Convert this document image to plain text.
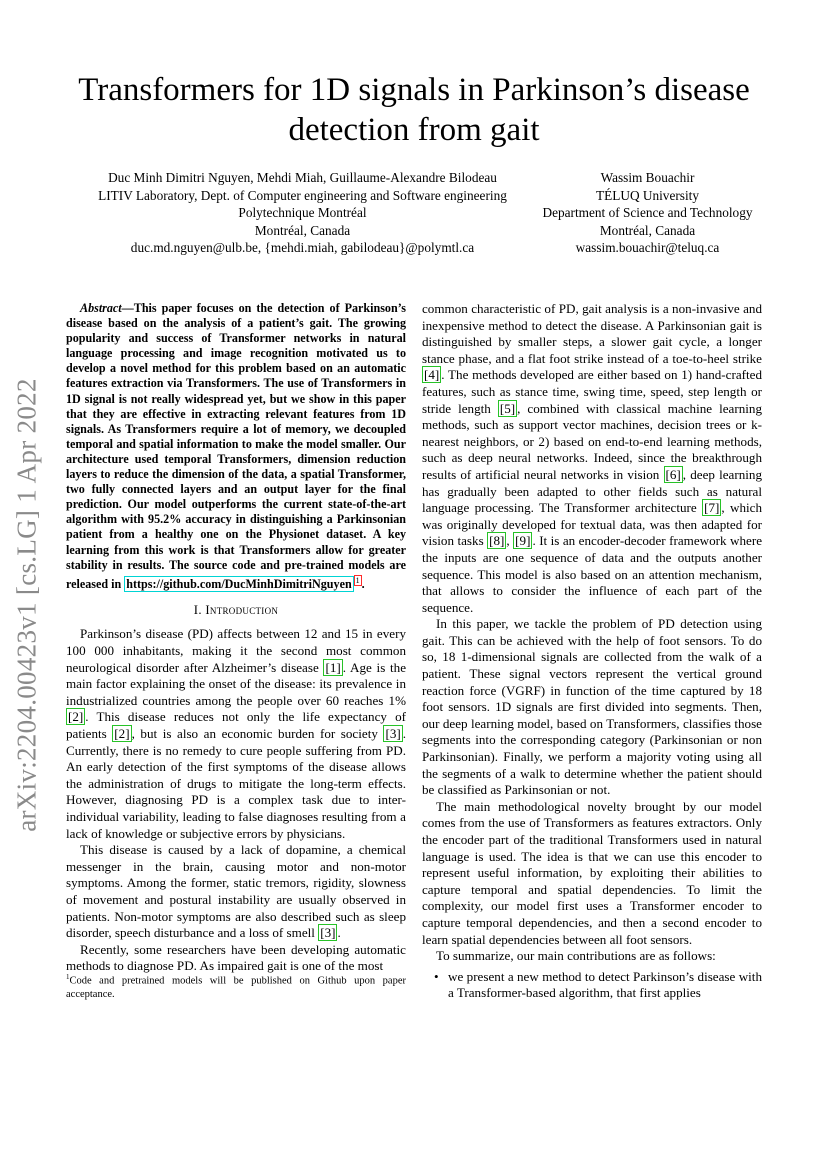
arXiv:2204.00423v1 [cs.LG] 1 Apr 2022
Transformers for 1D signals in Parkinson’s disease
detection from gait
Duc Minh Dimitri Nguyen, Mehdi Miah, Guillaume-Alexandre Bilodeau
LITIV Laboratory, Dept. of Computer engineering and Software engineering
Polytechnique Montréal
Montréal, Canada
duc.md.nguyen@ulb.be, {mehdi.miah, gabilodeau}@polymtl.ca
Wassim Bouachir
TÉLUQ University
Department of Science and Technology
Montréal, Canada
wassim.bouachir@teluq.ca

Abstract—This paper focuses on the detection of Parkinson’s disease based on the analysis of a patient’s gait. The growing popularity and success of Transformer networks in natural language processing and image recognition motivated us to develop a novel method for this problem based on an automatic features extraction via Transformers. The use of Transformers in 1D signal is not really widespread yet, but we show in this paper that they are effective in extracting relevant features from 1D signals. As Transformers require a lot of memory, we decoupled temporal and spatial information to make the model smaller. Our architecture used temporal Transformers, dimension reduction layers to reduce the dimension of the data, a spatial Transformer, two fully connected layers and an output layer for the final prediction. Our model outperforms the current state-of-the-art algorithm with 95.2% accuracy in distinguishing a Parkinsonian patient from a healthy one on the Physionet dataset. A key learning from this work is that Transformers allow for greater stability in results. The source code and pre-trained models are released in https://github.com/DucMinhDimitriNguyen $^1$ .

I. Introduction

Parkinson’s disease (PD) affects between 12 and 15 in every 100 000 inhabitants, making it the second most common neurological disorder after Alzheimer’s disease [1] . Age is the main factor explaining the onset of the disease: its prevalence in industrialized countries among the people over 60 reaches 1% [2] . This disease reduces not only the life expectancy of patients [2] , but is also an economic burden for society [3] . Currently, there is no remedy to cure people suffering from PD. An early detection of the first symptoms of the disease allows the administration of drugs to mitigate the long-term effects. However, diagnosing PD is a complex task due to inter-individual variability, leading to false diagnoses resulting from a lack of knowledge or subjective errors by physicians.

This disease is caused by a lack of dopamine, a chemical messenger in the brain, causing motor and non-motor symptoms. Among the former, static tremors, rigidity, slowness of movement and postural instability are usually observed in patients. Non-motor symptoms are also described such as sleep disorder, speech disturbance and a loss of smell [3] .

Recently, some researchers have been developing automatic methods to diagnose PD. As impaired gait is one of the most

$^1$Code and pretrained models will be published on Github upon paper acceptance.

common characteristic of PD, gait analysis is a non-invasive and inexpensive method to detect the disease. A Parkinsonian gait is distinguished by smaller steps, a slower gait cycle, a longer stance phase, and a flat foot strike instead of a toe-to-heel strike [4] . The methods developed are either based on 1) hand-crafted features, such as stance time, swing time, speed, step length or stride length [5] , combined with classical machine learning methods, such as support vector machines, decision trees or k-nearest neighbors, or 2) based on end-to-end learning methods, such as deep neural networks. Indeed, since the breakthrough results of artificial neural networks in vision [6] , deep learning has gradually been adapted to other fields such as natural language processing. The Transformer architecture [7] , which was originally developed for textual data, was then adapted for vision tasks [8] , [9] . It is an encoder-decoder framework where the inputs are one sequence of data and the outputs another sequence. This model is also based on an attention mechanism, that allows to consider the influence of each part of the sequence.

In this paper, we tackle the problem of PD detection using gait. This can be achieved with the help of foot sensors. To do so, 18 1-dimensional signals are collected from the walk of a patient. These signal vectors represent the vertical ground reaction force (VGRF) in function of the time captured by 18 foot sensors. 1D signals are first divided into segments. Then, our deep learning model, based on Transformers, classifies those segments into the corresponding category (Parkinsonian or non Parkinsonian). Finally, we perform a majority voting using all the segments of a walk to determine whether the patient should be classified as Parkinsonian or not.

The main methodological novelty brought by our model comes from the use of Transformers as features extractors. Only the encoder part of the traditional Transformers used in natural language is used. The idea is that we can use this encoder to represent useful information, by exploiting their abilities to capture temporal and spatial dependencies. To limit the complexity, our model first uses a Transformer encoder to capture temporal dependencies, and then a second encoder to learn spatial dependencies between all foot sensors.

To summarize, our main contributions are as follows:

• we present a new method to detect Parkinson’s disease with a Transformer-based algorithm, that first applies
